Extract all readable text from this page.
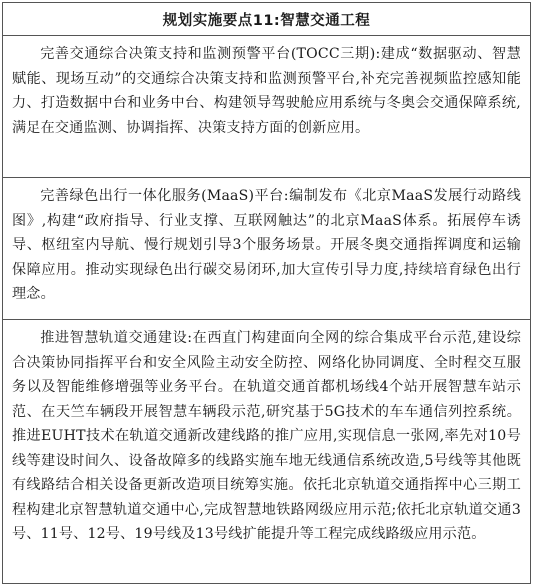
规划实施要点11:智慧交通工程

完善交通综合决策支持和监测预警平台(TOCC三期):建成“数据驱动、智慧赋能、现场互动”的交通综合决策支持和监测预警平台,补充完善视频监控感知能力、打造数据中台和业务中台、构建领导驾驶舱应用系统与冬奥会交通保障系统,满足在交通监测、协调指挥、决策支持方面的创新应用。

完善绿色出行一体化服务(MaaS)平台:编制发布《北京MaaS发展行动路线图》,构建“政府指导、行业支撑、互联网触达”的北京MaaS体系。拓展停车诱导、枢纽室内导航、慢行规划引导3个服务场景。开展冬奥交通指挥调度和运输保障应用。推动实现绿色出行碳交易闭环,加大宣传引导力度,持续培育绿色出行理念。

推进智慧轨道交通建设:在西直门构建面向全网的综合集成平台示范,建设综合决策协同指挥平台和安全风险主动安全防控、网络化协同调度、全时程交互服务以及智能维修增强等业务平台。在轨道交通首都机场线4个站开展智慧车站示范、在天竺车辆段开展智慧车辆段示范,研究基于5G技术的车车通信列控系统。推进EUHT技术在轨道交通新改建线路的推广应用,实现信息一张网,率先对10号线等建设时间久、设备故障多的线路实施车地无线通信系统改造,5号线等其他既有线路结合相关设备更新改造项目统筹实施。依托北京轨道交通指挥中心三期工程构建北京智慧轨道交通中心,完成智慧地铁路网级应用示范;依托北京轨道交通3号、11号、12号、19号线及13号线扩能提升等工程完成线路级应用示范。
